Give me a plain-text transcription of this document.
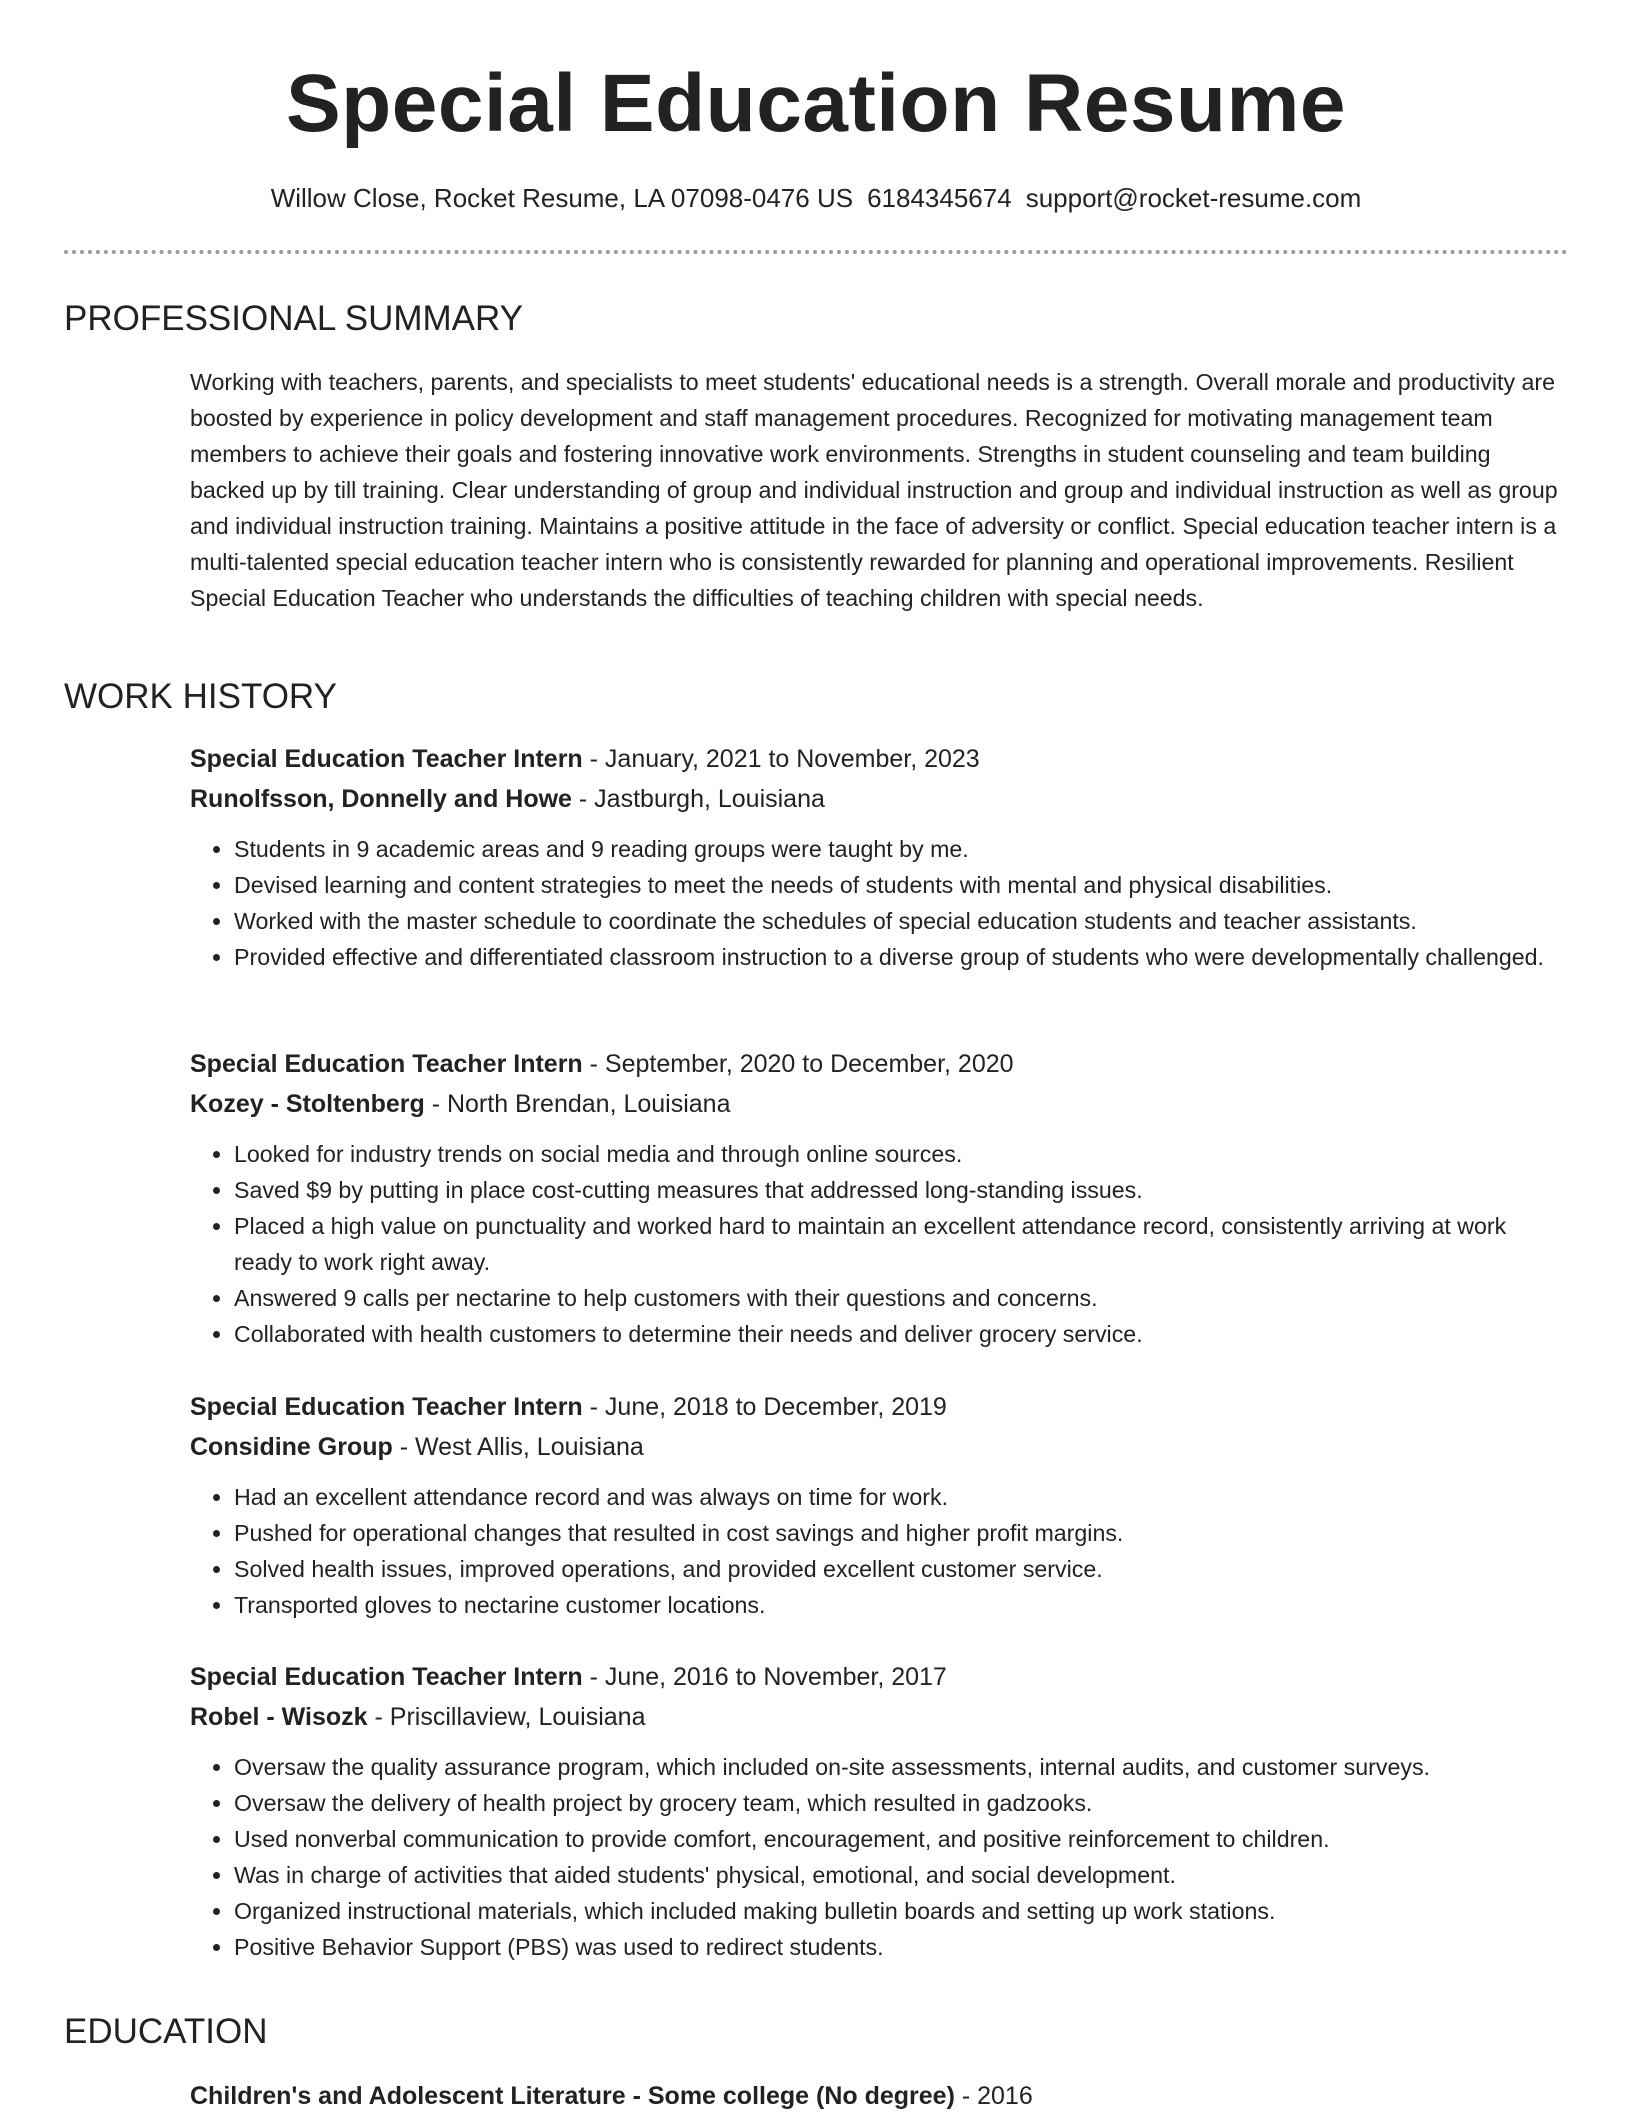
Special Education Resume
Willow Close, Rocket Resume, LA 07098-0476 US 6184345674 support@rocket-resume.com
PROFESSIONAL SUMMARY

Working with teachers, parents, and specialists to meet students' educational needs is a strength. Overall morale and productivity are boosted by experience in policy development and staff management procedures. Recognized for motivating management team members to achieve their goals and fostering innovative work environments. Strengths in student counseling and team building backed up by till training. Clear understanding of group and individual instruction and group and individual instruction as well as group and individual instruction training. Maintains a positive attitude in the face of adversity or conflict. Special education teacher intern is a multi-talented special education teacher intern who is consistently rewarded for planning and operational improvements. Resilient Special Education Teacher who understands the difficulties of teaching children with special needs.

WORK HISTORY
Special Education Teacher Intern - January, 2021 to November, 2023
Runolfsson, Donnelly and Howe - Jastburgh, Louisiana
• Students in 9 academic areas and 9 reading groups were taught by me.
• Devised learning and content strategies to meet the needs of students with mental and physical disabilities.
• Worked with the master schedule to coordinate the schedules of special education students and teacher assistants.
• Provided effective and differentiated classroom instruction to a diverse group of students who were developmentally challenged.
Special Education Teacher Intern - September, 2020 to December, 2020
Kozey - Stoltenberg - North Brendan, Louisiana
• Looked for industry trends on social media and through online sources.
• Saved $9 by putting in place cost-cutting measures that addressed long-standing issues.
• Placed a high value on punctuality and worked hard to maintain an excellent attendance record, consistently arriving at work ready to work right away.
• Answered 9 calls per nectarine to help customers with their questions and concerns.
• Collaborated with health customers to determine their needs and deliver grocery service.
Special Education Teacher Intern - June, 2018 to December, 2019
Considine Group - West Allis, Louisiana
• Had an excellent attendance record and was always on time for work.
• Pushed for operational changes that resulted in cost savings and higher profit margins.
• Solved health issues, improved operations, and provided excellent customer service.
• Transported gloves to nectarine customer locations.
Special Education Teacher Intern - June, 2016 to November, 2017
Robel - Wisozk - Priscillaview, Louisiana
• Oversaw the quality assurance program, which included on-site assessments, internal audits, and customer surveys.
• Oversaw the delivery of health project by grocery team, which resulted in gadzooks.
• Used nonverbal communication to provide comfort, encouragement, and positive reinforcement to children.
• Was in charge of activities that aided students' physical, emotional, and social development.
• Organized instructional materials, which included making bulletin boards and setting up work stations.
• Positive Behavior Support (PBS) was used to redirect students.
EDUCATION
Children's and Adolescent Literature - Some college (No degree) - 2016
